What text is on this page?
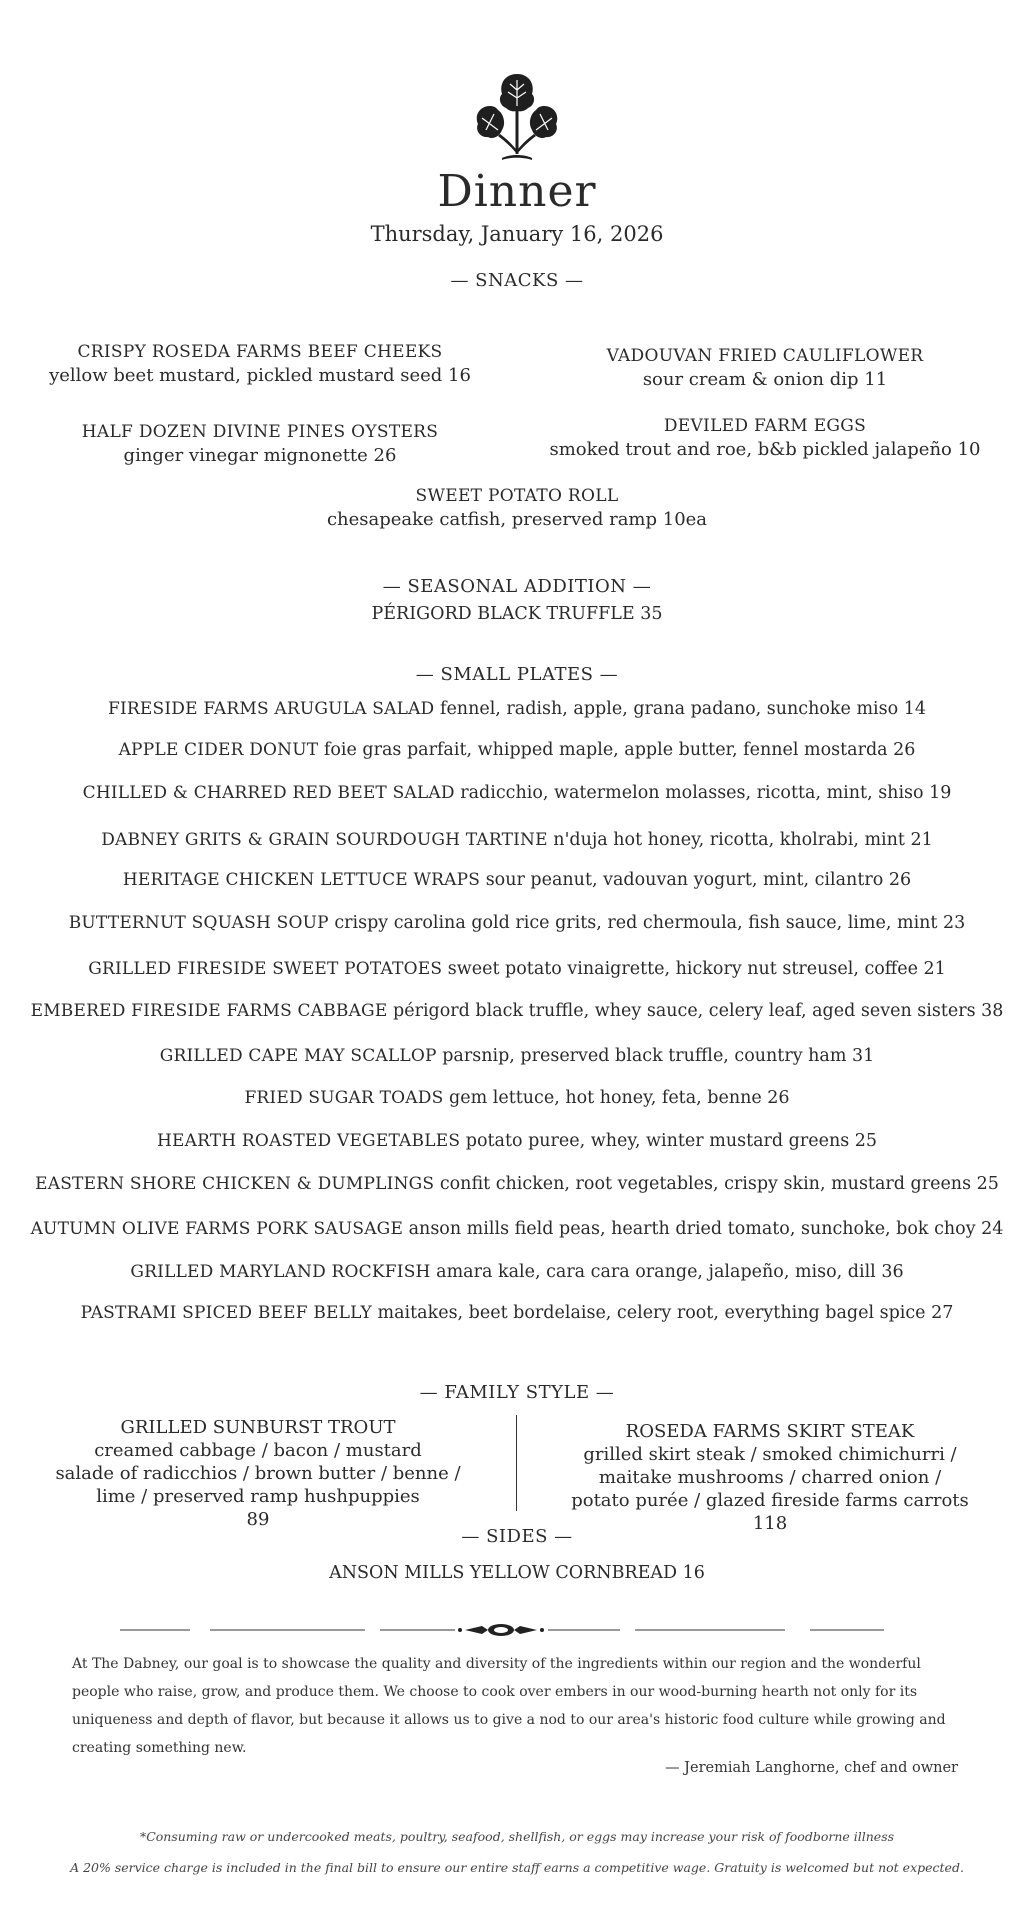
Dinner
Thursday, January 16, 2026
— SNACKS —
CRISPY ROSEDA FARMS BEEF CHEEKS
yellow beet mustard, pickled mustard seed 16
VADOUVAN FRIED CAULIFLOWER
sour cream & onion dip 11
HALF DOZEN DIVINE PINES OYSTERS
ginger vinegar mignonette 26
DEVILED FARM EGGS
smoked trout and roe, b&b pickled jalapeño 10
SWEET POTATO ROLL
chesapeake catfish, preserved ramp 10ea
— SEASONAL ADDITION —
PÉRIGORD BLACK TRUFFLE 35
— SMALL PLATES —
FIRESIDE FARMS ARUGULA SALAD fennel, radish, apple, grana padano, sunchoke miso 14
APPLE CIDER DONUT foie gras parfait, whipped maple, apple butter, fennel mostarda 26
CHILLED & CHARRED RED BEET SALAD radicchio, watermelon molasses, ricotta, mint, shiso 19
DABNEY GRITS & GRAIN SOURDOUGH TARTINE n'duja hot honey, ricotta, kholrabi, mint 21
HERITAGE CHICKEN LETTUCE WRAPS sour peanut, vadouvan yogurt, mint, cilantro 26
BUTTERNUT SQUASH SOUP crispy carolina gold rice grits, red chermoula, fish sauce, lime, mint 23
GRILLED FIRESIDE SWEET POTATOES sweet potato vinaigrette, hickory nut streusel, coffee 21
EMBERED FIRESIDE FARMS CABBAGE périgord black truffle, whey sauce, celery leaf, aged seven sisters 38
GRILLED CAPE MAY SCALLOP parsnip, preserved black truffle, country ham 31
FRIED SUGAR TOADS gem lettuce, hot honey, feta, benne 26
HEARTH ROASTED VEGETABLES potato puree, whey, winter mustard greens 25
EASTERN SHORE CHICKEN & DUMPLINGS confit chicken, root vegetables, crispy skin, mustard greens 25
AUTUMN OLIVE FARMS PORK SAUSAGE anson mills field peas, hearth dried tomato, sunchoke, bok choy 24
GRILLED MARYLAND ROCKFISH amara kale, cara cara orange, jalapeño, miso, dill 36
PASTRAMI SPICED BEEF BELLY maitakes, beet bordelaise, celery root, everything bagel spice 27
— FAMILY STYLE —
GRILLED SUNBURST TROUT
creamed cabbage / bacon / mustard
salade of radicchios / brown butter / benne /
lime / preserved ramp hushpuppies
89
ROSEDA FARMS SKIRT STEAK
grilled skirt steak / smoked chimichurri /
maitake mushrooms / charred onion /
potato purée / glazed fireside farms carrots
118
— SIDES —
ANSON MILLS YELLOW CORNBREAD 16
At The Dabney, our goal is to showcase the quality and diversity of the ingredients within our region and the wonderful
people who raise, grow, and produce them. We choose to cook over embers in our wood-burning hearth not only for its
uniqueness and depth of flavor, but because it allows us to give a nod to our area's historic food culture while growing and
creating something new.
— Jeremiah Langhorne, chef and owner
*Consuming raw or undercooked meats, poultry, seafood, shellfish, or eggs may increase your risk of foodborne illness
A 20% service charge is included in the final bill to ensure our entire staff earns a competitive wage. Gratuity is welcomed but not expected.
